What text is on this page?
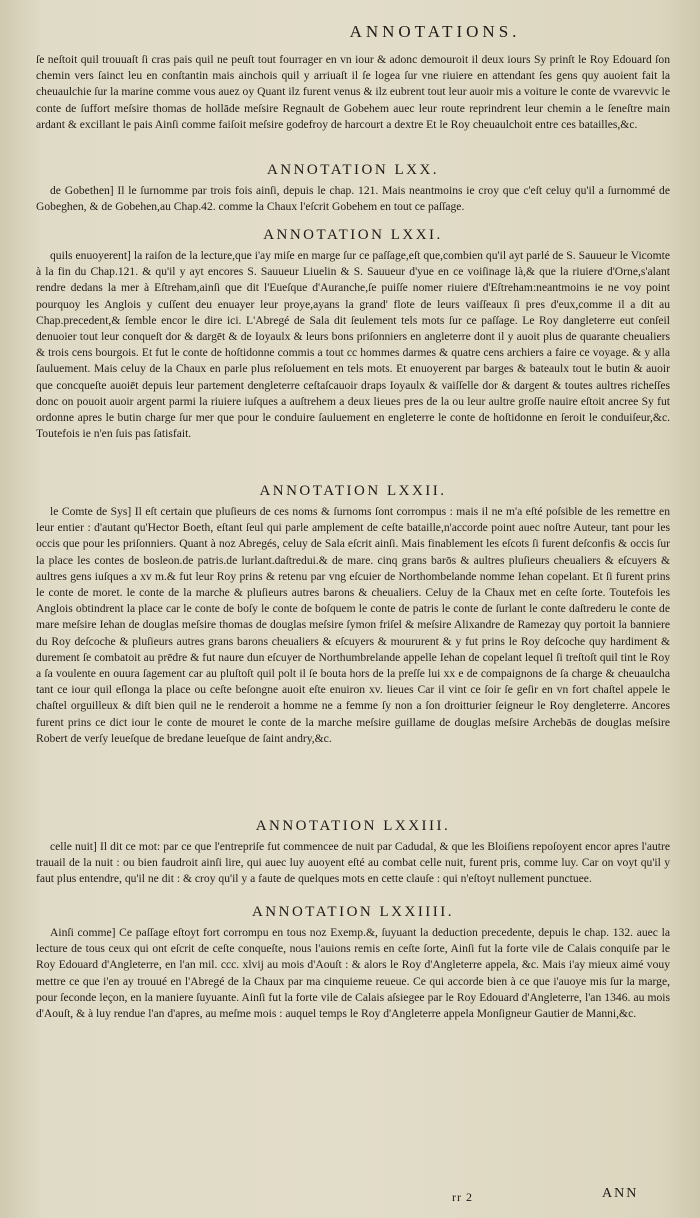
ANNOTATIONS.

ſe neſtoit quil trouuaſt ſi cras pais quil ne peuſt tout fourrager en vn iour & adonc demouroit il deux iours Sy prinſt le Roy Edouard ſon chemin vers ſainct leu en conſtantin mais ainchois quil y arriuaſt il ſe logea ſur vne riuiere en attendant ſes gens quy auoient fait la cheuaulchie ſur la marine comme vous auez oy Quant ilz furent venus & ilz eubrent tout leur auoir mis a voiture le conte de vvarevvic le conte de ſuffort meſsire thomas de hollāde meſsire Regnault de Gobehem auec leur route reprindrent leur chemin a le ſeneſtre main ardant & excillant le pais Ainſi comme faiſoit meſsire godefroy de harcourt a dextre Et le Roy cheuaulchoit entre ces batailles,&c.

ANNOTATION LXX.

de Gobethen] Il le ſurnomme par trois fois ainſi, depuis le chap. 121. Mais neantmoins ie croy que c'eſt celuy qu'il a ſurnommé de Gobeghen, & de Gobehen,au Chap.42. comme la Chaux l'eſcrit Gobehem en tout ce paſſage.

ANNOTATION LXXI.

quils enuoyerent] la raiſon de la lecture,que i'ay miſe en marge ſur ce paſſage,eſt que,combien qu'il ayt parlé de S. Sauueur le Vicomte à la fin du Chap.121. & qu'il y ayt encores S. Sauueur Liuelin & S. Sauueur d'yue en ce voiſinage là,& que la riuiere d'Orne,s'alant rendre dedans la mer à Eſtreham,ainſi que dit l'Eueſque d'Auranche,ſe puiſſe nomer riuiere d'Eſtreham:neantmoins ie ne voy point pourquoy les Anglois y cuſſent deu enuayer leur proye,ayans la grand' flote de leurs vaiſſeaux ſi pres d'eux,comme il a dit au Chap.precedent,& ſemble encor le dire ici. L'Abregé de Sala dit ſeulement tels mots ſur ce paſſage. Le Roy dangleterre eut conſeil denuoier tout leur conqueſt dor & dargēt & de Ioyaulx & leurs bons priſonniers en angleterre dont il y auoit plus de quarante cheualiers & trois cens bourgois. Et fut le conte de hoſtidonne commis a tout cc hommes darmes & quatre cens archiers a faire ce voyage. & y alla ſauluement. Mais celuy de la Chaux en parle plus reſoluement en tels mots. Et enuoyerent par barges & bateaulx tout le butin & auoir que concqueſte auoiēt depuis leur partement dengleterre ceſtaſcauoir draps Ioyaulx & vaiſſelle dor & dargent & toutes aultres richeſſes donc on pouoit auoir argent parmi la riuiere iuſques a auſtrehem a deux lieues pres de la ou leur aultre groſſe nauire eſtoit ancree Sy fut ordonne apres le butin charge ſur mer que pour le conduire ſauluement en engleterre le conte de hoſtidonne en ſeroit le conduiſeur,&c. Toutefois ie n'en ſuis pas ſatisfait.

ANNOTATION LXXII.

le Comte de Sys] Il eſt certain que pluſieurs de ces noms & ſurnoms ſont corrompus : mais il ne m'a eſté poſsible de les remettre en leur entier : d'autant qu'Hector Boeth, eſtant ſeul qui parle amplement de ceſte bataille,n'accorde point auec noſtre Auteur, tant pour les occis que pour les priſonniers. Quant à noz Abregés, celuy de Sala eſcrit ainſi. Mais finablement les eſcots ſi furent deſconfis & occis ſur la place les contes de bosleon.de patris.de lurlant.daſtredui.& de mare. cinq grans barōs & aultres pluſieurs cheualiers & eſcuyers & aultres gens iuſques a xv m.& fut leur Roy prins & retenu par vng eſcuier de Northombelande nomme Iehan copelant. Et ſi furent prins le conte de moret. le conte de la marche & pluſieurs autres barons & cheualiers. Celuy de la Chaux met en ceſte ſorte. Toutefois les Anglois obtindrent la place car le conte de boſy le conte de boſquem le conte de patris le conte de ſurlant le conte daſtrederu le conte de mare meſsire Iehan de douglas meſsire thomas de douglas meſsire ſymon friſel & meſsire Alixandre de Ramezay quy portoit la banniere du Roy deſcoche & pluſieurs autres grans barons cheualiers & eſcuyers & moururent & y fut prins le Roy deſcoche quy hardiment & durement ſe combatoit au prēdre & fut naure dun eſcuyer de Northumbrelande appelle Iehan de copelant lequel ſi treſtoſt quil tint le Roy a ſa voulente en ouura ſagement car au pluſtoſt quil polt il ſe bouta hors de la preſſe lui xx e de compaignons de ſa charge & cheuaulcha tant ce iour quil eſlonga la place ou ceſte beſongne auoit eſte enuiron xv. lieues Car il vint ce ſoir ſe geſir en vn fort chaſtel appele le chaſtel orguilleux & diſt bien quil ne le renderoit a homme ne a femme ſy non a ſon droitturier ſeigneur le Roy dengleterre. Ancores furent prins ce dict iour le conte de mouret le conte de la marche meſsire guillame de douglas meſsire Archebās de douglas meſsire Robert de verſy leueſque de bredane leueſque de ſaint andry,&c.

ANNOTATION LXXIII.

celle nuit] Il dit ce mot: par ce que l'entrepriſe fut commencee de nuit par Cadudal, & que les Bloiſiens repoſoyent encor apres l'autre trauail de la nuit : ou bien faudroit ainſi lire, qui auec luy auoyent eſté au combat celle nuit, furent pris, comme luy. Car on voyt qu'il y faut plus entendre, qu'il ne dit : & croy qu'il y a faute de quelques mots en cette clauſe : qui n'eſtoyt nullement punctuee.

ANNOTATION LXXIIII.

Ainſi comme] Ce paſſage eſtoyt fort corrompu en tous noz Exemp.&, ſuyuant la deduction precedente, depuis le chap. 132. auec la lecture de tous ceux qui ont eſcrit de ceſte conqueſte, nous l'auions remis en ceſte ſorte, Ainſi fut la forte vile de Calais conquiſe par le Roy Edouard d'Angleterre, en l'an mil. ccc. xlvij au mois d'Aouſt : & alors le Roy d'Angleterre appela, &c. Mais i'ay mieux aimé vouy mettre ce que i'en ay trouué en l'Abregé de la Chaux par ma cinquieme reueue. Ce qui accorde bien à ce que i'auoye mis ſur la marge, pour ſeconde leçon, en la maniere ſuyuante. Ainſi fut la forte vile de Calais aſsiegee par le Roy Edouard d'Angleterre, l'an 1346. au mois d'Aouſt, & à luy rendue l'an d'apres, au meſme mois : auquel temps le Roy d'Angleterre appela Monſigneur Gautier de Manni,&c.

rr 2	ANN
